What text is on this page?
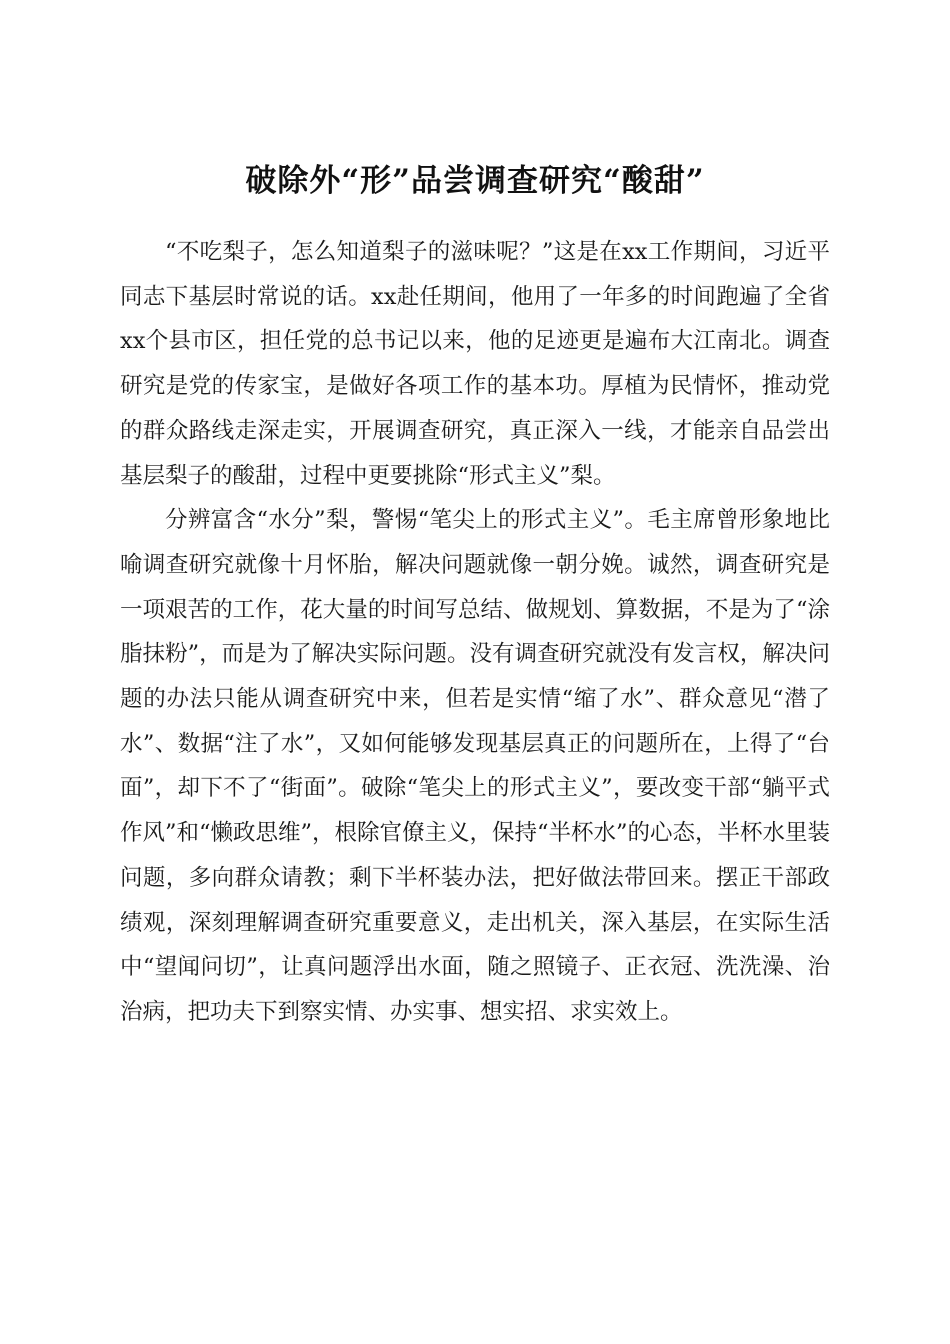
破除外“形”品尝调查研究“酸甜”

“不吃梨子，怎么知道梨子的滋味呢？”这是在xx工作期间，习近平同志下基层时常说的话。xx赴任期间，他用了一年多的时间跑遍了全省xx个县市区，担任党的总书记以来，他的足迹更是遍布大江南北。调查研究是党的传家宝，是做好各项工作的基本功。厚植为民情怀，推动党的群众路线走深走实，开展调查研究，真正深入一线，才能亲自品尝出基层梨子的酸甜，过程中更要挑除“形式主义”梨。

分辨富含“水分”梨，警惕“笔尖上的形式主义”。毛主席曾形象地比喻调查研究就像十月怀胎，解决问题就像一朝分娩。诚然，调查研究是一项艰苦的工作，花大量的时间写总结、做规划、算数据，不是为了“涂脂抹粉”，而是为了解决实际问题。没有调查研究就没有发言权，解决问题的办法只能从调查研究中来，但若是实情“缩了水”、群众意见“潜了水”、数据“注了水”，又如何能够发现基层真正的问题所在，上得了“台面”，却下不了“街面”。破除“笔尖上的形式主义”，要改变干部“躺平式作风”和“懒政思维”，根除官僚主义，保持“半杯水”的心态，半杯水里装问题，多向群众请教；剩下半杯装办法，把好做法带回来。摆正干部政绩观，深刻理解调查研究重要意义，走出机关，深入基层，在实际生活中“望闻问切”，让真问题浮出水面，随之照镜子、正衣冠、洗洗澡、治治病，把功夫下到察实情、办实事、想实招、求实效上。
